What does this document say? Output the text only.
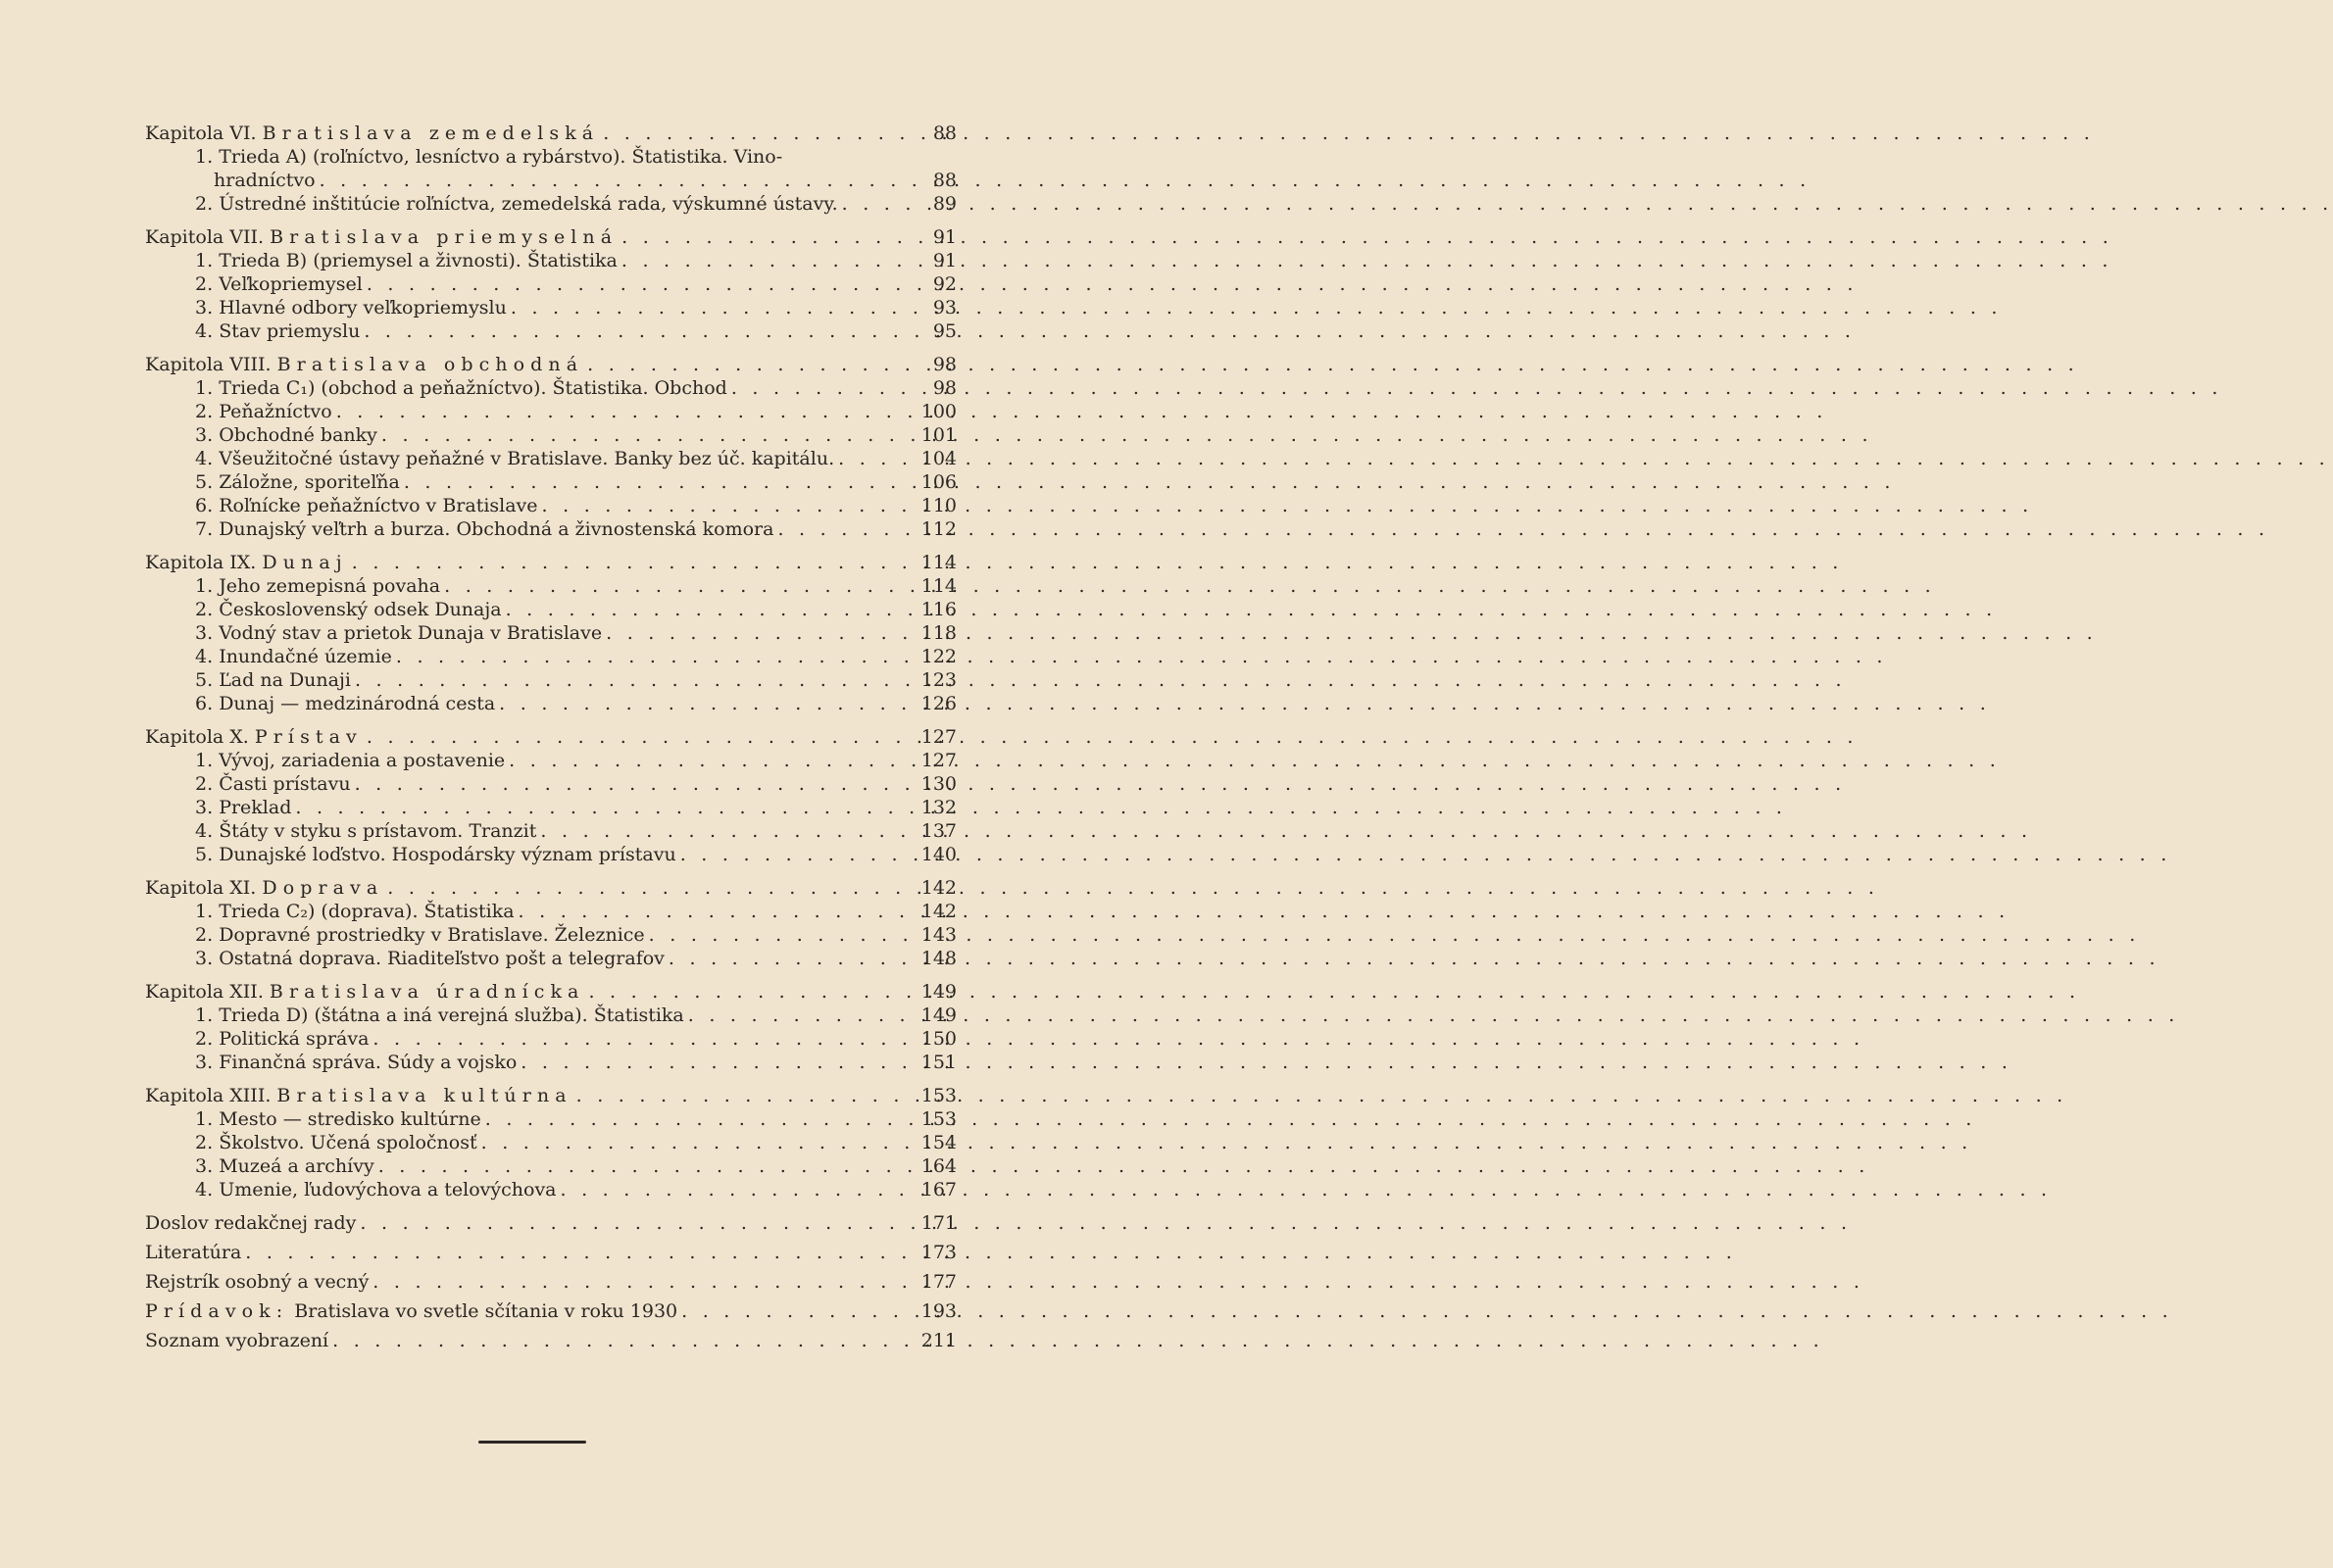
Kapitola VI. Bratislava zemedelská . . .	88
1. Trieda A) (roľníctvo, lesníctvo a rybárstvo). Štatistika. Vino-
hradníctvo . . .	88
2. Ústredné inštitúcie roľníctva, zemedelská rada, výskumné ústavy. . . .	89
Kapitola VII. Bratislava priemyselná . . .	91
1. Trieda B) (priemysel a živnosti). Štatistika . . .	91
2. Veľkopriemysel . . .	92
3. Hlavné odbory veľkopriemyslu . . .	93
4. Stav priemyslu . . .	95
Kapitola VIII. Bratislava obchodná . . .	98
1. Trieda C₁) (obchod a peňažníctvo). Štatistika. Obchod . . .	98
2. Peňažníctvo . . .	100
3. Obchodné banky . . .	101
4. Všeužitočné ústavy peňažné v Bratislave. Banky bez úč. kapitálu. . . .	104
5. Záložne, sporiteľňa . . .	106
6. Roľnícke peňažníctvo v Bratislave . . .	110
7. Dunajský veľtrh a burza. Obchodná a živnostenská komora . . .	112
Kapitola IX. Dunaj . . .	114
1. Jeho zemepisná povaha . . .	114
2. Československý odsek Dunaja . . .	116
3. Vodný stav a prietok Dunaja v Bratislave . . .	118
4. Inundačné územie . . .	122
5. Ľad na Dunaji . . .	123
6. Dunaj — medzinárodná cesta . . .	126
Kapitola X. Prístav . . .	127
1. Vývoj, zariadenia a postavenie . . .	127
2. Časti prístavu . . .	130
3. Preklad . . .	132
4. Štáty v styku s prístavom. Tranzit . . .	137
5. Dunajské loďstvo. Hospodársky význam prístavu . . .	140
Kapitola XI. Doprava . . .	142
1. Trieda C₂) (doprava). Štatistika . . .	142
2. Dopravné prostriedky v Bratislave. Železnice . . .	143
3. Ostatná doprava. Riaditeľstvo pošt a telegrafov . . .	148
Kapitola XII. Bratislava úradnícka . . .	149
1. Trieda D) (štátna a iná verejná služba). Štatistika . . .	149
2. Politická správa . . .	150
3. Finančná správa. Súdy a vojsko . . .	151
Kapitola XIII. Bratislava kultúrna . . .	153
1. Mesto — stredisko kultúrne . . .	153
2. Školstvo. Učená spoločnosť . . .	154
3. Muzeá a archívy . . .	164
4. Umenie, ľudovýchova a telovýchova . . .	167
Doslov redakčnej rady . . .	171
Literatúra . . .	173
Rejstrík osobný a vecný . . .	177
Prídavok: Bratislava vo svetle sčítania v roku 1930 . . .	193
Soznam vyobrazení . . .	211
